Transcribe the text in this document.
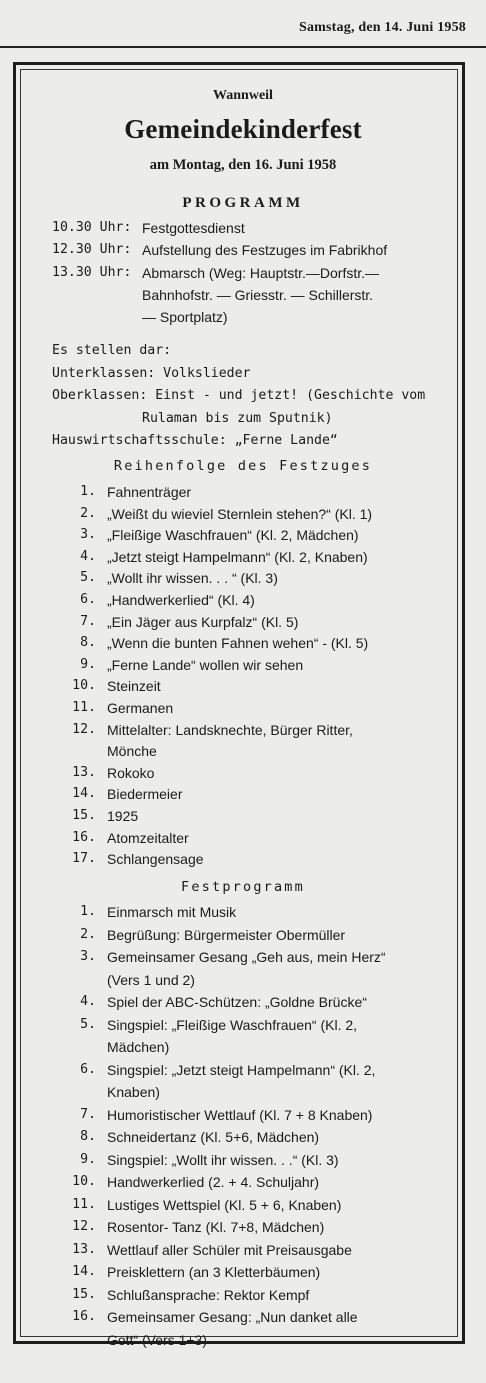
Samstag, den 14. Juni 1958
Wannweil
Gemeindekinderfest
am Montag, den 16. Juni 1958
PROGRAMM
10.30 Uhr: Festgottesdienst
12.30 Uhr: Aufstellung des Festzuges im Fabrikhof
13.30 Uhr: Abmarsch (Weg: Hauptstr.—Dorfstr.—
Bahnhofstr. — Griesstr. — Schillerstr.
— Sportplatz)
Es stellen dar:
Unterklassen: Volkslieder
Oberklassen: Einst - und jetzt! (Geschichte vom
Rulaman bis zum Sputnik)
Hauswirtschaftsschule: „Ferne Lande“
Reihenfolge des Festzuges
1. Fahnenträger
2. „Weißt du wieviel Sternlein stehen?“ (Kl. 1)
3. „Fleißige Waschfrauen“ (Kl. 2, Mädchen)
4. „Jetzt steigt Hampelmann“ (Kl. 2, Knaben)
5. „Wollt ihr wissen. . . “ (Kl. 3)
6. „Handwerkerlied“ (Kl. 4)
7. „Ein Jäger aus Kurpfalz“ (Kl. 5)
8. „Wenn die bunten Fahnen wehen“ - (Kl. 5)
9. „Ferne Lande“ wollen wir sehen
10. Steinzeit
11. Germanen
12. Mittelalter: Landsknechte, Bürger Ritter,
Mönche
13. Rokoko
14. Biedermeier
15. 1925
16. Atomzeitalter
17. Schlangensage
Festprogramm
1. Einmarsch mit Musik
2. Begrüßung: Bürgermeister Obermüller
3. Gemeinsamer Gesang „Geh aus, mein Herz“
(Vers 1 und 2)
4. Spiel der ABC-Schützen: „Goldne Brücke“
5. Singspiel: „Fleißige Waschfrauen“ (Kl. 2,
Mädchen)
6. Singspiel: „Jetzt steigt Hampelmann“ (Kl. 2,
Knaben)
7. Humoristischer Wettlauf (Kl. 7 + 8 Knaben)
8. Schneidertanz (Kl. 5+6, Mädchen)
9. Singspiel: „Wollt ihr wissen. . .“ (Kl. 3)
10. Handwerkerlied (2. + 4. Schuljahr)
11. Lustiges Wettspiel (Kl. 5 + 6, Knaben)
12. Rosentor- Tanz (Kl. 7+8, Mädchen)
13. Wettlauf aller Schüler mit Preisausgabe
14. Preisklettern (an 3 Kletterbäumen)
15. Schlußansprache: Rektor Kempf
16. Gemeinsamer Gesang: „Nun danket alle
Gott“ (Vers 1+3)
